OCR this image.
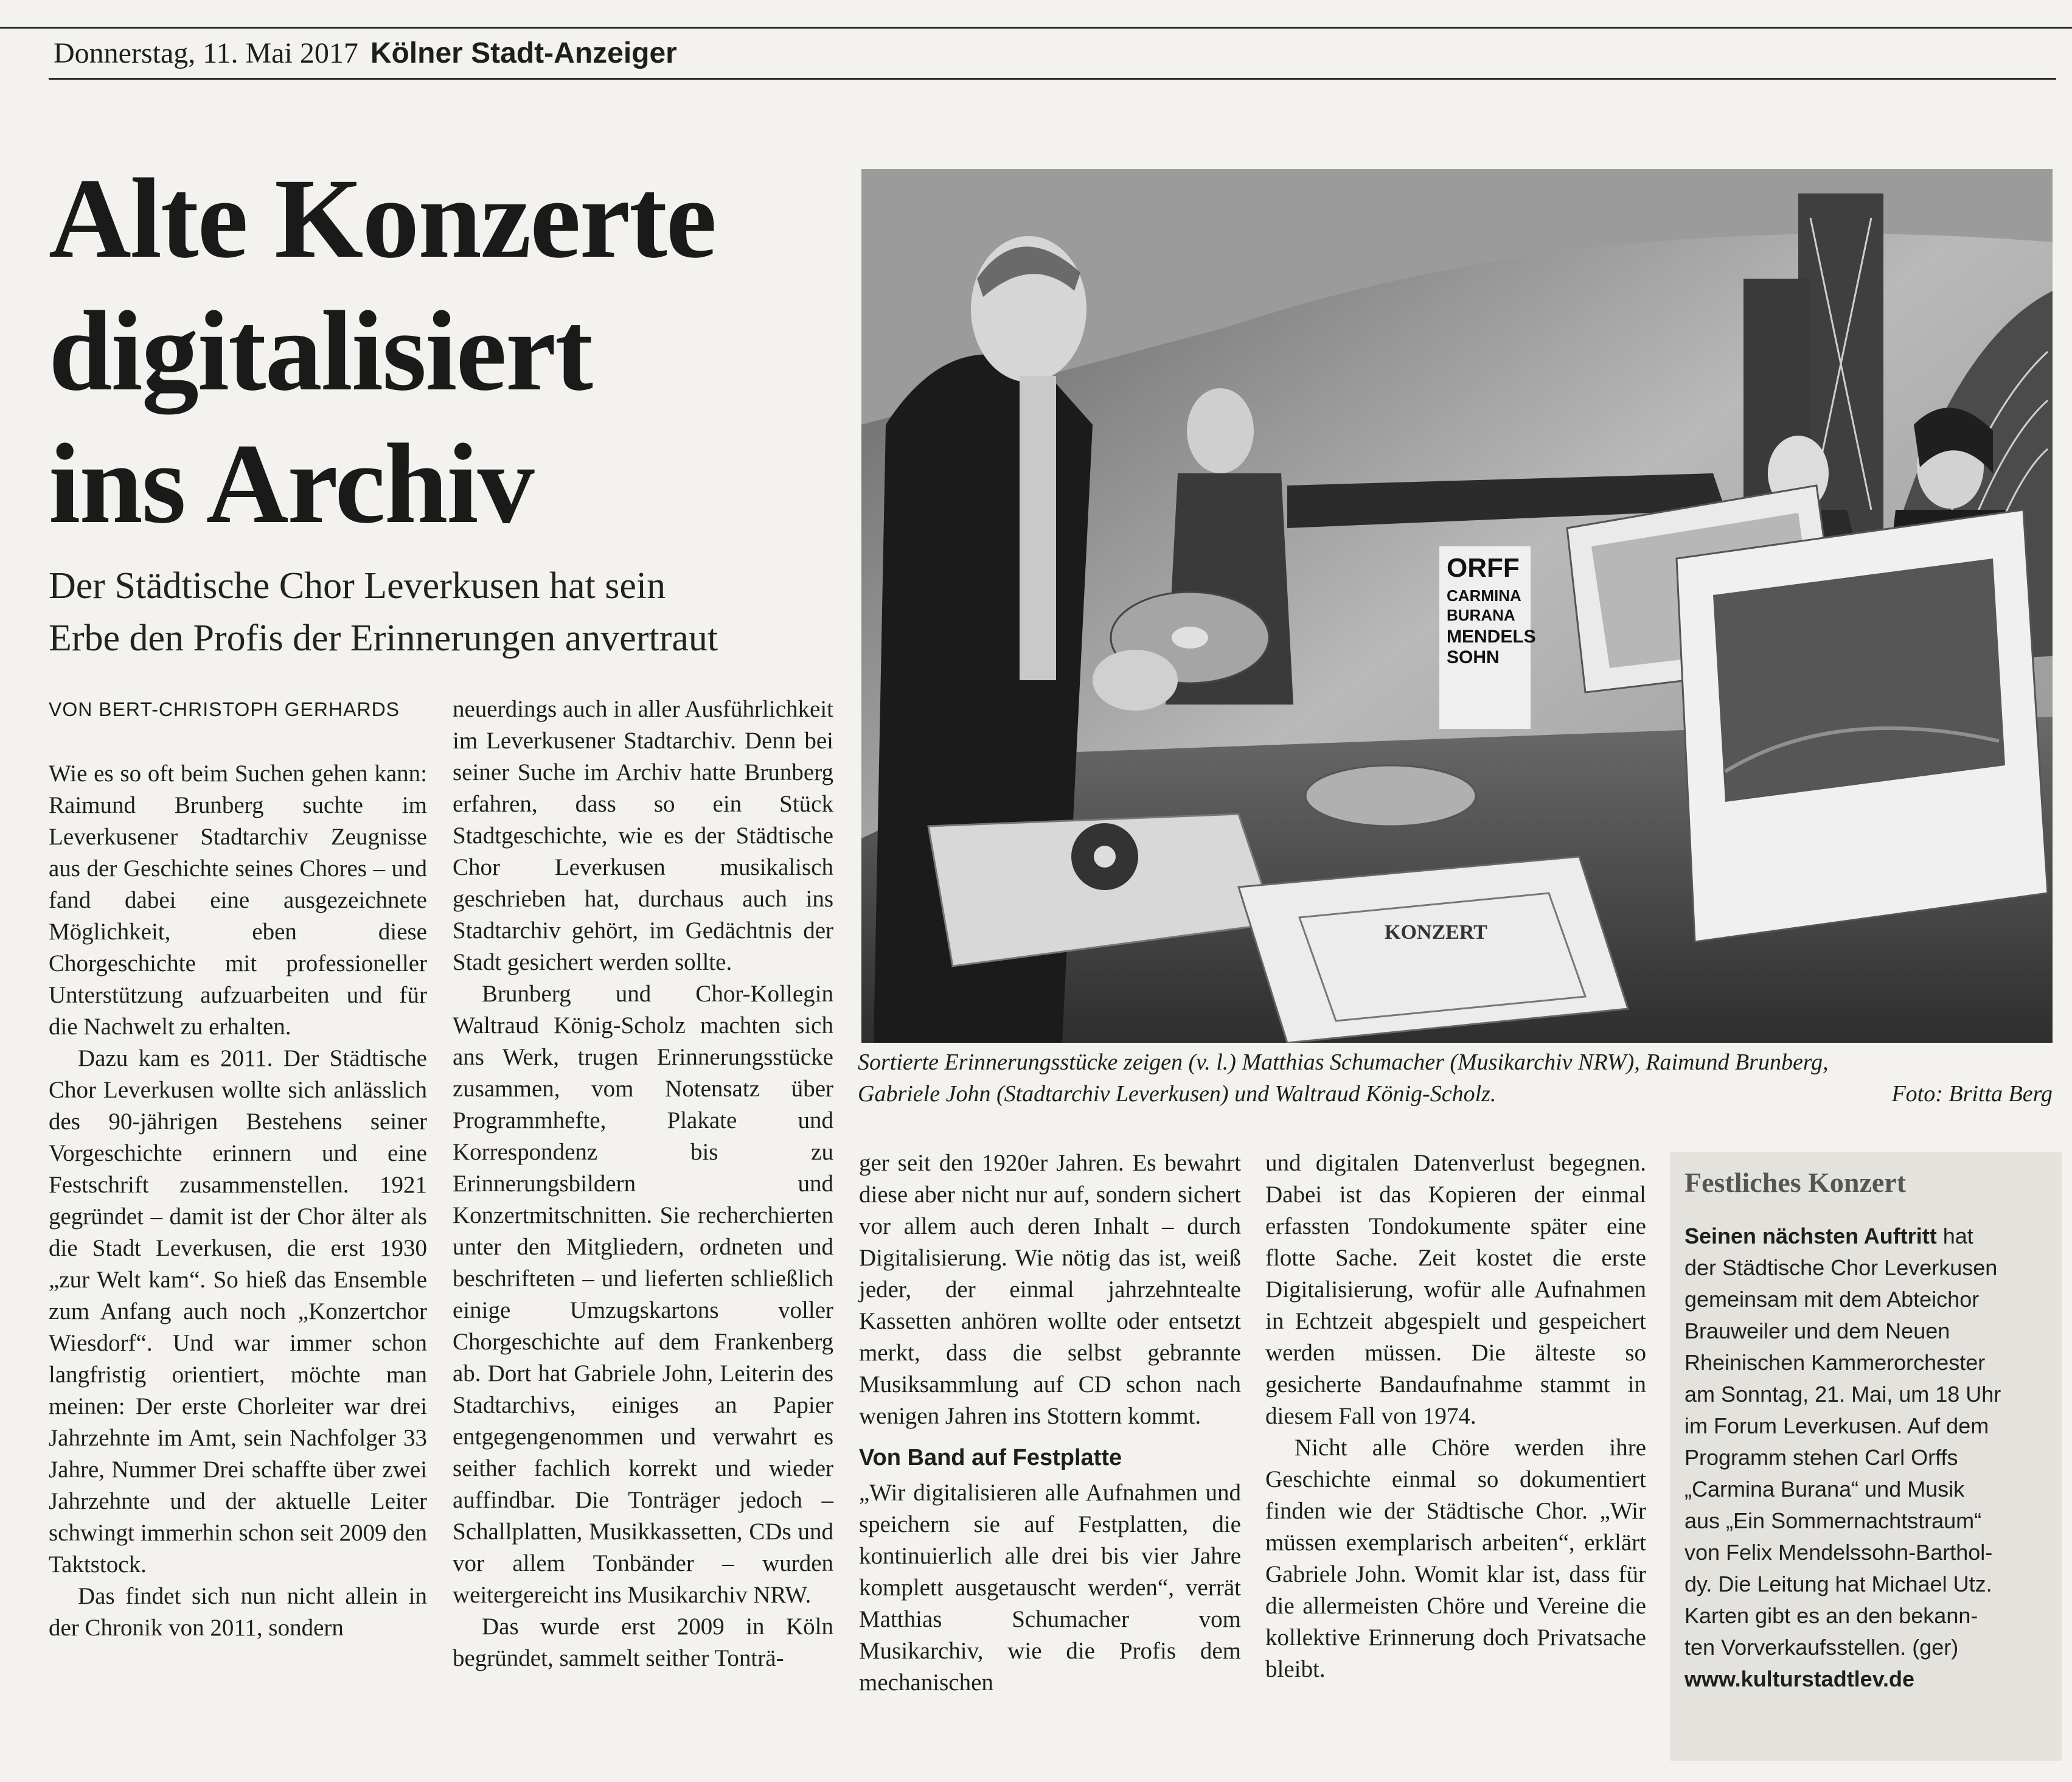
Donnerstag, 11. Mai 2017 Kölner Stadt-Anzeiger
Alte Konzerte
digitalisiert
ins Archiv
Der Städtische Chor Leverkusen hat sein
Erbe den Profis der Erinnerungen anvertraut
VON BERT-CHRISTOPH GERHARDS

Wie es so oft beim Suchen gehen kann: Raimund Brunberg suchte im Leverkusener Stadtarchiv Zeugnisse aus der Geschichte seines Chores – und fand dabei eine ausgezeichnete Möglichkeit, eben diese Chorgeschichte mit professioneller Unterstützung aufzuarbeiten und für die Nachwelt zu erhalten.

Dazu kam es 2011. Der Städtische Chor Leverkusen wollte sich anlässlich des 90-jährigen Bestehens seiner Vorgeschichte erinnern und eine Festschrift zusammenstellen. 1921 gegründet – damit ist der Chor älter als die Stadt Leverkusen, die erst 1930 „zur Welt kam“. So hieß das Ensemble zum Anfang auch noch „Konzertchor Wiesdorf“. Und war immer schon langfristig orientiert, möchte man meinen: Der erste Chorleiter war drei Jahrzehnte im Amt, sein Nachfolger 33 Jahre, Nummer Drei schaffte über zwei Jahrzehnte und der aktuelle Leiter schwingt immerhin schon seit 2009 den Taktstock.

Das findet sich nun nicht allein in der Chronik von 2011, sondern

neuerdings auch in aller Ausführlichkeit im Leverkusener Stadtarchiv. Denn bei seiner Suche im Archiv hatte Brunberg erfahren, dass so ein Stück Stadtgeschichte, wie es der Städtische Chor Leverkusen musikalisch geschrieben hat, durchaus auch ins Stadtarchiv gehört, im Gedächtnis der Stadt gesichert werden sollte.

Brunberg und Chor-Kollegin Waltraud König-Scholz machten sich ans Werk, trugen Erinnerungsstücke zusammen, vom Notensatz über Programmhefte, Plakate und Korrespondenz bis zu Erinnerungsbildern und Konzertmitschnitten. Sie recherchierten unter den Mitgliedern, ordneten und beschrifteten – und lieferten schließlich einige Umzugskartons voller Chorgeschichte auf dem Frankenberg ab. Dort hat Gabriele John, Leiterin des Stadtarchivs, einiges an Papier entgegengenommen und verwahrt es seither fachlich korrekt und wieder auffindbar. Die Tonträger jedoch – Schallplatten, Musikkassetten, CDs und vor allem Tonbänder – wurden weitergereicht ins Musikarchiv NRW.

Das wurde erst 2009 in Köln begründet, sammelt seither Tonträ-

ORFF
CARMINA
BURANA
MENDELS
SOHN
KONZERT
Sortierte Erinnerungsstücke zeigen (v. l.) Matthias Schumacher (Musikarchiv NRW), Raimund Brunberg,
Gabriele John (Stadtarchiv Leverkusen) und Waltraud König-Scholz.	Foto: Britta Berg

ger seit den 1920er Jahren. Es bewahrt diese aber nicht nur auf, sondern sichert vor allem auch deren Inhalt – durch Digitalisierung. Wie nötig das ist, weiß jeder, der einmal jahrzehntealte Kassetten anhören wollte oder entsetzt merkt, dass die selbst gebrannte Musiksammlung auf CD schon nach wenigen Jahren ins Stottern kommt.

Von Band auf Festplatte

„Wir digitalisieren alle Aufnahmen und speichern sie auf Festplatten, die kontinuierlich alle drei bis vier Jahre komplett ausgetauscht werden“, verrät Matthias Schumacher vom Musikarchiv, wie die Profis dem mechanischen

und digitalen Datenverlust begegnen. Dabei ist das Kopieren der einmal erfassten Tondokumente später eine flotte Sache. Zeit kostet die erste Digitalisierung, wofür alle Aufnahmen in Echtzeit abgespielt und gespeichert werden müssen. Die älteste so gesicherte Bandaufnahme stammt in diesem Fall von 1974.

Nicht alle Chöre werden ihre Geschichte einmal so dokumentiert finden wie der Städtische Chor. „Wir müssen exemplarisch arbeiten“, erklärt Gabriele John. Womit klar ist, dass für die allermeisten Chöre und Vereine die kollektive Erinnerung doch Privatsache bleibt.

Festliches Konzert
Seinen nächsten Auftritt hat
der Städtische Chor Leverkusen
gemeinsam mit dem Abteichor
Brauweiler und dem Neuen
Rheinischen Kammerorchester
am Sonntag, 21. Mai, um 18 Uhr
im Forum Leverkusen. Auf dem
Programm stehen Carl Orffs
„Carmina Burana“ und Musik
aus „Ein Sommernachtstraum“
von Felix Mendelssohn-Barthol-
dy. Die Leitung hat Michael Utz.
Karten gibt es an den bekann-
ten Vorverkaufsstellen. (ger)
www.kulturstadtlev.de
